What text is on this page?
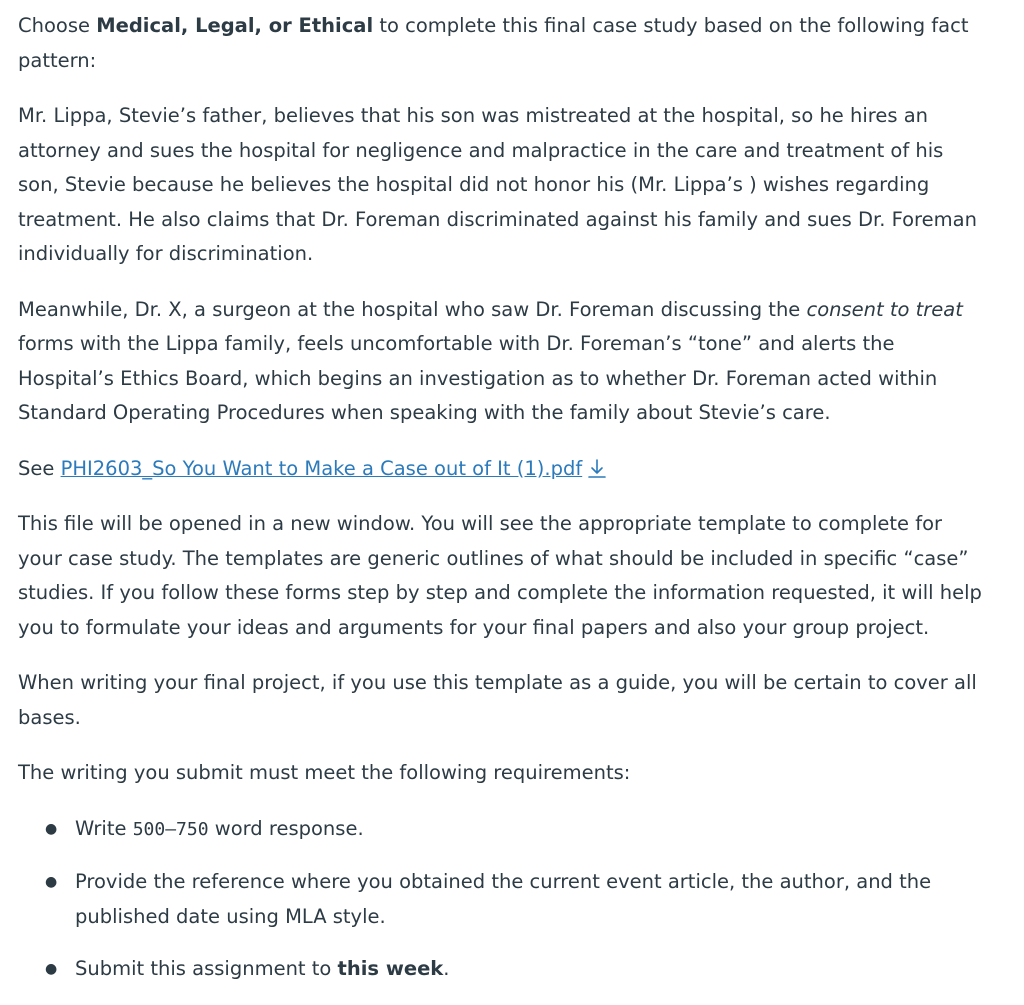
Choose Medical, Legal, or Ethical to complete this final case study based on the following fact
pattern:

Mr. Lippa, Stevie’s father, believes that his son was mistreated at the hospital, so he hires an
attorney and sues the hospital for negligence and malpractice in the care and treatment of his
son, Stevie because he believes the hospital did not honor his (Mr. Lippa’s ) wishes regarding
treatment. He also claims that Dr. Foreman discriminated against his family and sues Dr. Foreman
individually for discrimination.

Meanwhile, Dr. X, a surgeon at the hospital who saw Dr. Foreman discussing the consent to treat
forms with the Lippa family, feels uncomfortable with Dr. Foreman’s “tone” and alerts the
Hospital’s Ethics Board, which begins an investigation as to whether Dr. Foreman acted within
Standard Operating Procedures when speaking with the family about Stevie’s care.

See PHI2603_So You Want to Make a Case out of It (1).pdf

This file will be opened in a new window. You will see the appropriate template to complete for
your case study. The templates are generic outlines of what should be included in specific “case”
studies. If you follow these forms step by step and complete the information requested, it will help
you to formulate your ideas and arguments for your final papers and also your group project.

When writing your final project, if you use this template as a guide, you will be certain to cover all
bases.

The writing you submit must meet the following requirements:

● Write 500–750 word response.
● Provide the reference where you obtained the current event article, the author, and the
published date using MLA style.
● Submit this assignment to this week.
